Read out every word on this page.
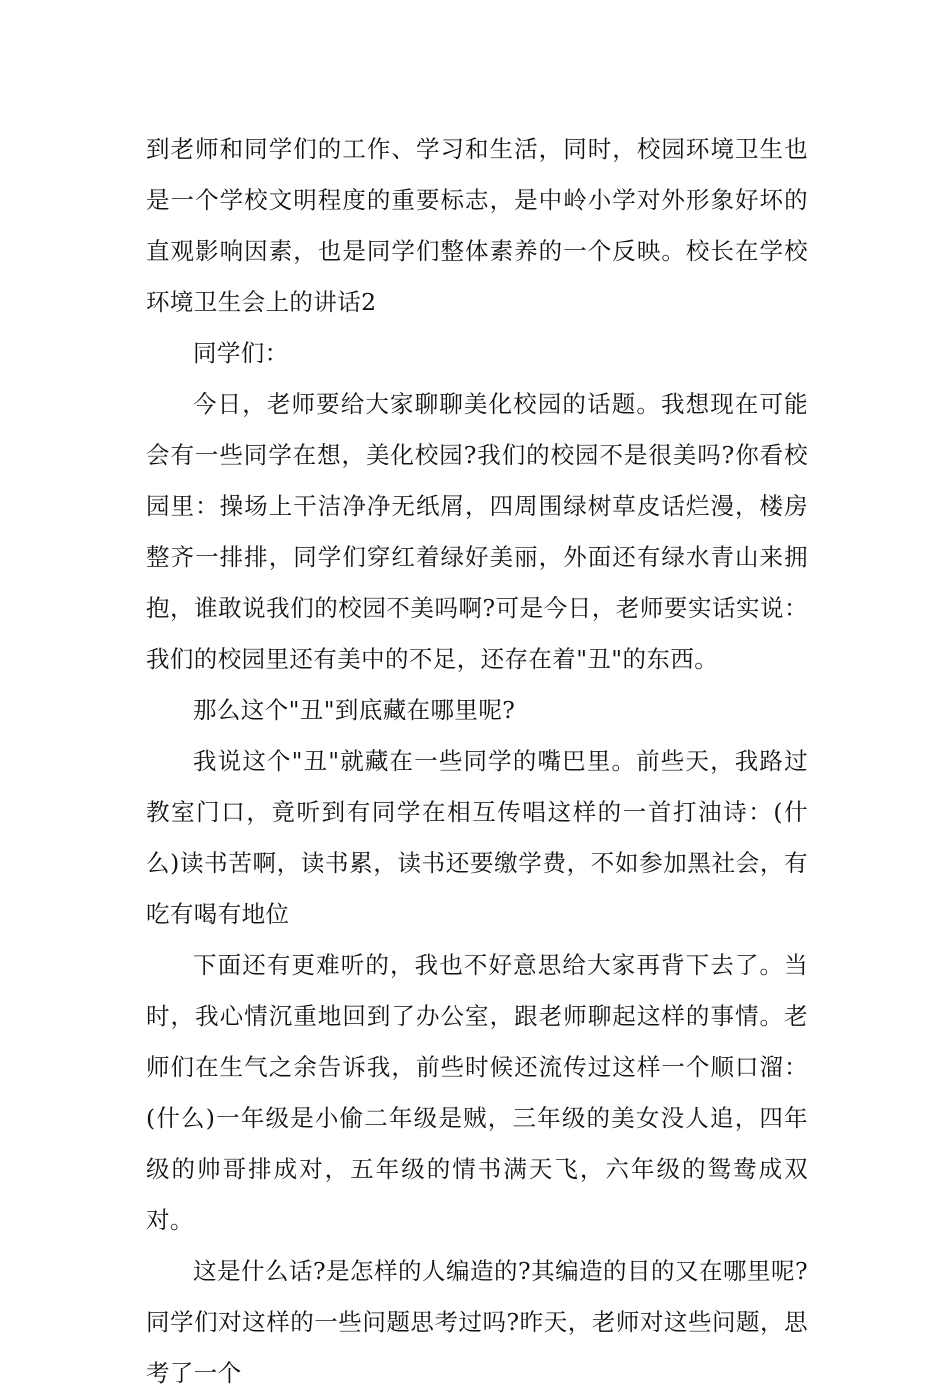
到老师和同学们的工作、学习和生活，同时，校园环境卫生也是一个学校文明程度的重要标志，是中岭小学对外形象好坏的直观影响因素，也是同学们整体素养的一个反映。校长在学校环境卫生会上的讲话2

同学们：

今日，老师要给大家聊聊美化校园的话题。我想现在可能会有一些同学在想，美化校园?我们的校园不是很美吗?你看校园里：操场上干洁净净无纸屑，四周围绿树草皮话烂漫，楼房整齐一排排，同学们穿红着绿好美丽，外面还有绿水青山来拥抱，谁敢说我们的校园不美吗啊?可是今日，老师要实话实说：我们的校园里还有美中的不足，还存在着"丑"的东西。

那么这个"丑"到底藏在哪里呢?

我说这个"丑"就藏在一些同学的嘴巴里。前些天，我路过教室门口，竟听到有同学在相互传唱这样的一首打油诗：(什么)读书苦啊，读书累，读书还要缴学费，不如参加黑社会，有吃有喝有地位

下面还有更难听的，我也不好意思给大家再背下去了。当时，我心情沉重地回到了办公室，跟老师聊起这样的事情。老师们在生气之余告诉我，前些时候还流传过这样一个顺口溜：(什么)一年级是小偷二年级是贼，三年级的美女没人追，四年级的帅哥排成对，五年级的情书满天飞，六年级的鸳鸯成双对。

这是什么话?是怎样的人编造的?其编造的目的又在哪里呢?同学们对这样的一些问题思考过吗?昨天，老师对这些问题，思考了一个
